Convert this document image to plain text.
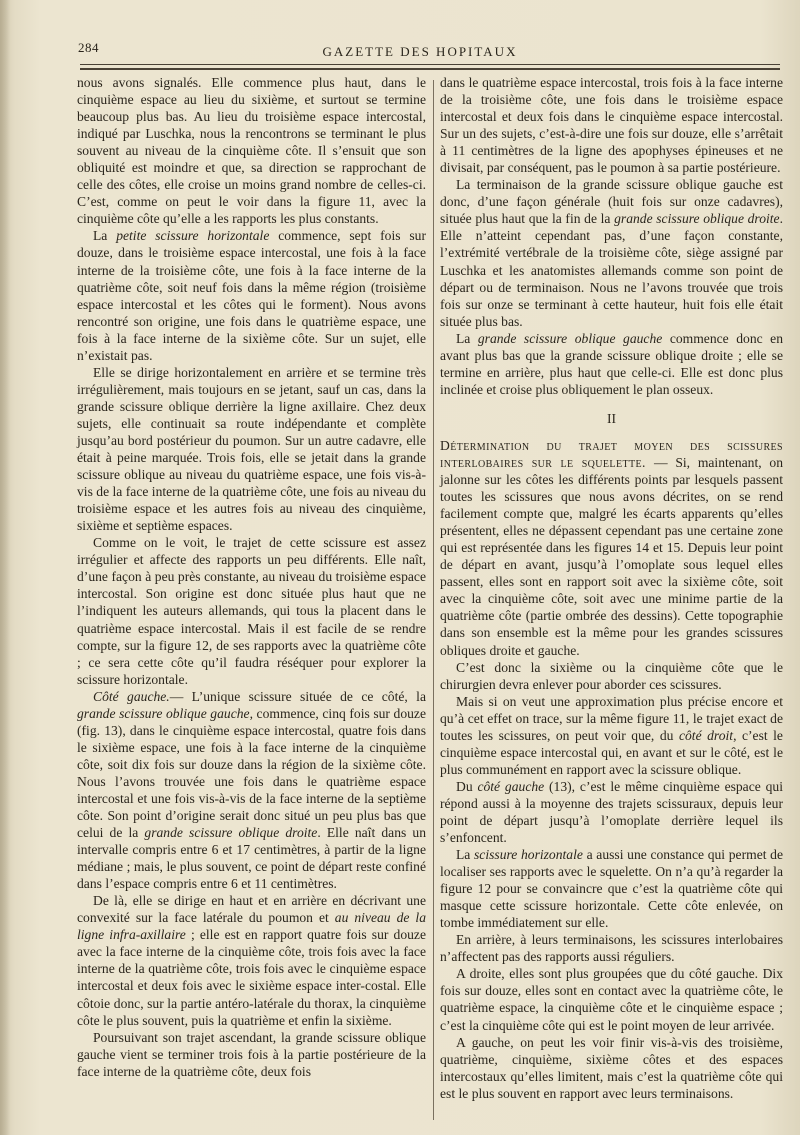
284	GAZETTE DES HOPITAUX

nous avons signalés. Elle commence plus haut, dans le cinquième espace au lieu du sixième, et surtout se termine beaucoup plus bas. Au lieu du troisième espace intercostal, indiqué par Luschka, nous la rencontrons se terminant le plus souvent au niveau de la cinquième côte. Il s’ensuit que son obliquité est moindre et que, sa direction se rapprochant de celle des côtes, elle croise un moins grand nombre de celles-ci. C’est, comme on peut le voir dans la figure 11, avec la cinquième côte qu’elle a les rapports les plus constants.

La petite scissure horizontale commence, sept fois sur douze, dans le troisième espace intercostal, une fois à la face interne de la troisième côte, une fois à la face interne de la quatrième côte, soit neuf fois dans la même région (troisième espace intercostal et les côtes qui le forment). Nous avons rencontré son origine, une fois dans le quatrième espace, une fois à la face interne de la sixième côte. Sur un sujet, elle n’existait pas.

Elle se dirige horizontalement en arrière et se termine très irrégulièrement, mais toujours en se jetant, sauf un cas, dans la grande scissure oblique derrière la ligne axillaire. Chez deux sujets, elle continuait sa route indépendante et complète jusqu’au bord postérieur du poumon. Sur un autre cadavre, elle était à peine marquée. Trois fois, elle se jetait dans la grande scissure oblique au niveau du quatrième espace, une fois vis-à-vis de la face interne de la quatrième côte, une fois au niveau du troisième espace et les autres fois au niveau des cinquième, sixième et septième espaces.

Comme on le voit, le trajet de cette scissure est assez irrégulier et affecte des rapports un peu différents. Elle naît, d’une façon à peu près constante, au niveau du troisième espace intercostal. Son origine est donc située plus haut que ne l’indiquent les auteurs allemands, qui tous la placent dans le quatrième espace intercostal. Mais il est facile de se rendre compte, sur la figure 12, de ses rapports avec la quatrième côte ; ce sera cette côte qu’il faudra réséquer pour explorer la scissure horizontale.

Côté gauche.— L’unique scissure située de ce côté, la grande scissure oblique gauche, commence, cinq fois sur douze (fig. 13), dans le cinquième espace intercostal, quatre fois dans le sixième espace, une fois à la face interne de la cinquième côte, soit dix fois sur douze dans la région de la sixième côte. Nous l’avons trouvée une fois dans le quatrième espace intercostal et une fois vis-à-vis de la face interne de la septième côte. Son point d’origine serait donc situé un peu plus bas que celui de la grande scissure oblique droite. Elle naît dans un intervalle compris entre 6 et 17 centimètres, à partir de la ligne médiane ; mais, le plus souvent, ce point de départ reste confiné dans l’espace compris entre 6 et 11 centimètres.

De là, elle se dirige en haut et en arrière en décrivant une convexité sur la face latérale du poumon et au niveau de la ligne infra-axillaire ; elle est en rapport quatre fois sur douze avec la face interne de la cinquième côte, trois fois avec la face interne de la quatrième côte, trois fois avec le cinquième espace intercostal et deux fois avec le sixième espace inter-costal. Elle côtoie donc, sur la partie antéro-latérale du thorax, la cinquième côte le plus souvent, puis la quatrième et enfin la sixième.

Poursuivant son trajet ascendant, la grande scissure oblique gauche vient se terminer trois fois à la partie postérieure de la face interne de la quatrième côte, deux fois

dans le quatrième espace intercostal, trois fois à la face interne de la troisième côte, une fois dans le troisième espace intercostal et deux fois dans le cinquième espace intercostal. Sur un des sujets, c’est-à-dire une fois sur douze, elle s’arrêtait à 11 centimètres de la ligne des apophyses épineuses et ne divisait, par conséquent, pas le poumon à sa partie postérieure.

La terminaison de la grande scissure oblique gauche est donc, d’une façon générale (huit fois sur onze cadavres), située plus haut que la fin de la grande scissure oblique droite. Elle n’atteint cependant pas, d’une façon constante, l’extrémité vertébrale de la troisième côte, siège assigné par Luschka et les anatomistes allemands comme son point de départ ou de terminaison. Nous ne l’avons trouvée que trois fois sur onze se terminant à cette hauteur, huit fois elle était située plus bas.

La grande scissure oblique gauche commence donc en avant plus bas que la grande scissure oblique droite ; elle se termine en arrière, plus haut que celle-ci. Elle est donc plus inclinée et croise plus obliquement le plan osseux.

II

Détermination du trajet moyen des scissures interlobaires sur le squelette. — Si, maintenant, on jalonne sur les côtes les différents points par lesquels passent toutes les scissures que nous avons décrites, on se rend facilement compte que, malgré les écarts apparents qu’elles présentent, elles ne dépassent cependant pas une certaine zone qui est représentée dans les figures 14 et 15. Depuis leur point de départ en avant, jusqu’à l’omoplate sous lequel elles passent, elles sont en rapport soit avec la sixième côte, soit avec la cinquième côte, soit avec une minime partie de la quatrième côte (partie ombrée des dessins). Cette topographie dans son ensemble est la même pour les grandes scissures obliques droite et gauche.

C’est donc la sixième ou la cinquième côte que le chirurgien devra enlever pour aborder ces scissures.

Mais si on veut une approximation plus précise encore et qu’à cet effet on trace, sur la même figure 11, le trajet exact de toutes les scissures, on peut voir que, du côté droit, c’est le cinquième espace intercostal qui, en avant et sur le côté, est le plus communément en rapport avec la scissure oblique.

Du côté gauche (13), c’est le même cinquième espace qui répond aussi à la moyenne des trajets scissuraux, depuis leur point de départ jusqu’à l’omoplate derrière lequel ils s’enfoncent.

La scissure horizontale a aussi une constance qui permet de localiser ses rapports avec le squelette. On n’a qu’à regarder la figure 12 pour se convaincre que c’est la quatrième côte qui masque cette scissure horizontale. Cette côte enlevée, on tombe immédiatement sur elle.

En arrière, à leurs terminaisons, les scissures interlobaires n’affectent pas des rapports aussi réguliers.

A droite, elles sont plus groupées que du côté gauche. Dix fois sur douze, elles sont en contact avec la quatrième côte, le quatrième espace, la cinquième côte et le cinquième espace ; c’est la cinquième côte qui est le point moyen de leur arrivée.

A gauche, on peut les voir finir vis-à-vis des troisième, quatrième, cinquième, sixième côtes et des espaces intercostaux qu’elles limitent, mais c’est la quatrième côte qui est le plus souvent en rapport avec leurs terminaisons.
